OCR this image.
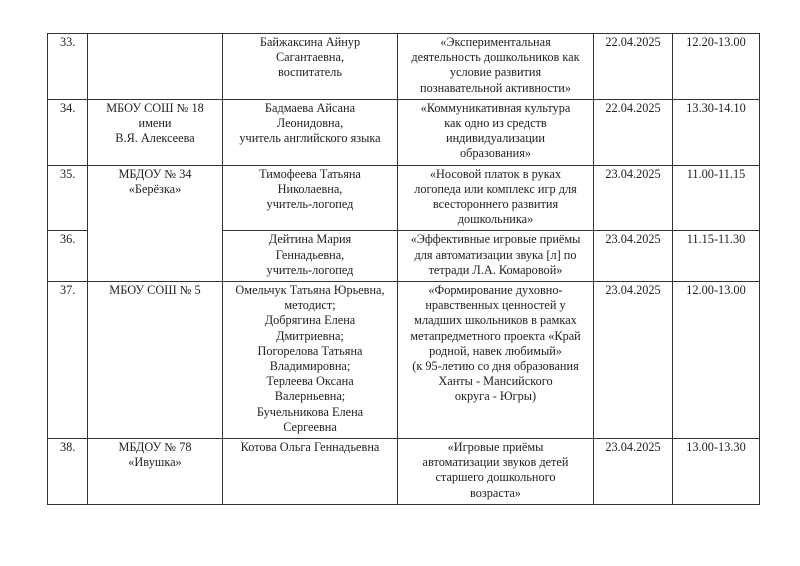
33.		Байжаксина Айнур
Сагантаевна,
воспитатель	«Экспериментальная
деятельность дошкольников как
условие развития
познавательной активности»	22.04.2025	12.20-13.00
34.	МБОУ СОШ № 18
имени
В.Я. Алексеева	Бадмаева Айсана
Леонидовна,
учитель английского языка	«Коммуникативная культура
как одно из средств
индивидуализации
образования»	22.04.2025	13.30-14.10
35.	МБДОУ № 34
«Берёзка»	Тимофеева Татьяна
Николаевна,
учитель-логопед	«Носовой платок в руках
логопеда или комплекс игр для
всестороннего развития
дошкольника»	23.04.2025	11.00-11.15
36.		Дейтина Мария
Геннадьевна,
учитель-логопед	«Эффективные игровые приёмы
для автоматизации звука [л] по
тетради Л.А. Комаровой»	23.04.2025	11.15-11.30
37.	МБОУ СОШ № 5	Омельчук Татьяна Юрьевна,
методист;
Добрягина Елена
Дмитриевна;
Погорелова Татьяна
Владимировна;
Терлеева Оксана
Валерньевна;
Бучельникова Елена
Сергеевна

«Формирование духовно-
нравственных ценностей у
младших школьников в рамках
метапредметного проекта «Край
родной, навек любимый»
(к 95-летию со дня образования
Ханты - Мансийского
округа - Югры)
	23.04.2025	12.00-13.00
38.	МБДОУ № 78
«Ивушка»	Котова Ольга Геннадьевна	«Игровые приёмы
автоматизации звуков детей
старшего дошкольного
возраста»	23.04.2025	13.00-13.30
